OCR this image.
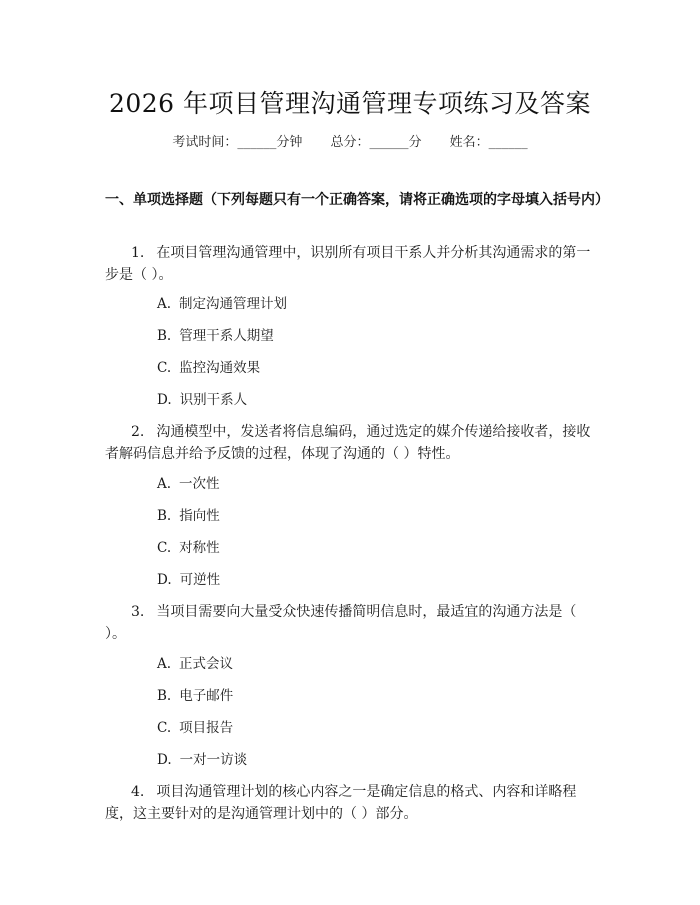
2026 年项目管理沟通管理专项练习及答案
考试时间：______分钟 总分：______分 姓名：______
一、单项选择题（下列每题只有一个正确答案，请将正确选项的字母填入括号内）
1. 在项目管理沟通管理中，识别所有项目干系人并分析其沟通需求的第一步是（ ）。
A. 制定沟通管理计划
B. 管理干系人期望
C. 监控沟通效果
D. 识别干系人
2. 沟通模型中，发送者将信息编码，通过选定的媒介传递给接收者，接收者解码信息并给予反馈的过程，体现了沟通的（ ）特性。
A. 一次性
B. 指向性
C. 对称性
D. 可逆性
3. 当项目需要向大量受众快速传播简明信息时，最适宜的沟通方法是（ ）。
A. 正式会议
B. 电子邮件
C. 项目报告
D. 一对一访谈
4. 项目沟通管理计划的核心内容之一是确定信息的格式、内容和详略程度，这主要针对的是沟通管理计划中的（ ）部分。
